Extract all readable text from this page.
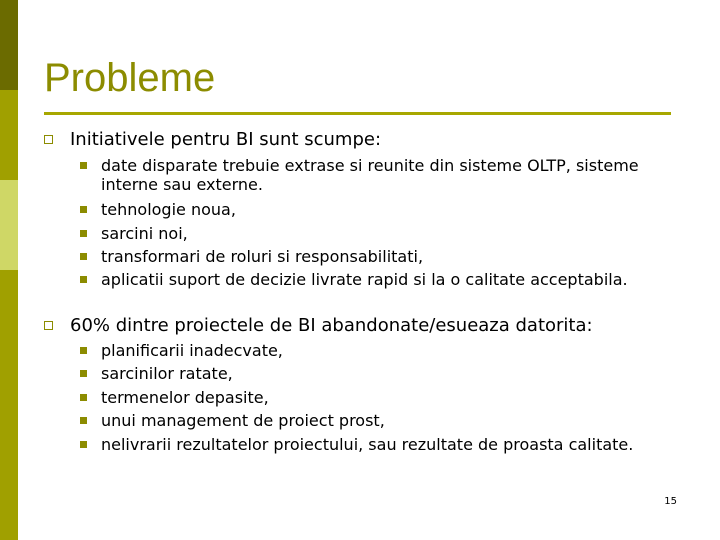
Probleme
Initiativele pentru BI sunt scumpe:
date disparate trebuie extrase si reunite din sisteme OLTP, sisteme interne sau externe.
tehnologie noua,
sarcini noi,
transformari de roluri si responsabilitati,
aplicatii suport de decizie livrate rapid si la o calitate acceptabila.
60% dintre proiectele de BI abandonate/esueaza datorita:
planificarii inadecvate,
sarcinilor ratate,
termenelor depasite,
unui management de proiect prost,
nelivrarii rezultatelor proiectului, sau rezultate de proasta calitate.
15
